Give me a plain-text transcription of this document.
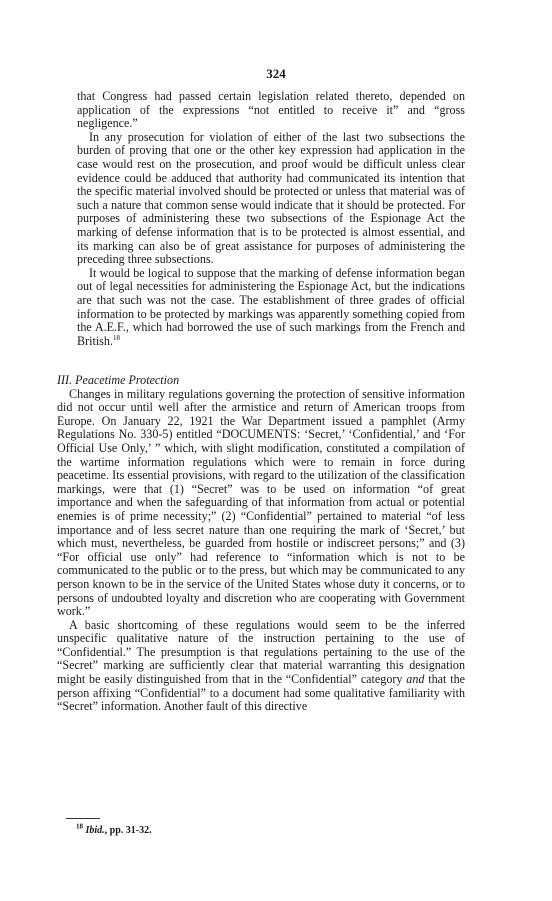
324

that Congress had passed certain legislation related thereto, depended on application of the expressions “not entitled to receive it” and “gross negligence.”

In any prosecution for violation of either of the last two subsections the burden of proving that one or the other key expression had application in the case would rest on the prosecution, and proof would be difficult unless clear evidence could be adduced that authority had communicated its intention that the specific material involved should be protected or unless that material was of such a nature that common sense would indicate that it should be protected. For purposes of administering these two subsections of the Espionage Act the marking of defense information that is to be protected is almost essential, and its marking can also be of great assistance for purposes of administering the preceding three subsections.

It would be logical to suppose that the marking of defense information began out of legal necessities for administering the Espionage Act, but the indications are that such was not the case. The establishment of three grades of official information to be protected by markings was apparently something copied from the A.E.F., which had borrowed the use of such markings from the French and British.$^{18}$

III. Peacetime Protection

Changes in military regulations governing the protection of sensitive information did not occur until well after the armistice and return of American troops from Europe. On January 22, 1921 the War Department issued a pamphlet (Army Regulations No. 330-5) entitled “DOCUMENTS: ‘Secret,’ ‘Confidential,’ and ‘For Official Use Only,’ ” which, with slight modification, constituted a compilation of the wartime information regulations which were to remain in force during peacetime. Its essential provisions, with regard to the utilization of the classification markings, were that (1) “Secret” was to be used on information “of great importance and when the safeguarding of that information from actual or potential enemies is of prime necessity;” (2) “Confidential” pertained to material “of less importance and of less secret nature than one requiring the mark of ‘Secret,’ but which must, nevertheless, be guarded from hostile or indiscreet persons;” and (3) “For official use only” had reference to “information which is not to be communicated to the public or to the press, but which may be communicated to any person known to be in the service of the United States whose duty it concerns, or to persons of undoubted loyalty and discretion who are cooperating with Government work.”

A basic shortcoming of these regulations would seem to be the inferred unspecific qualitative nature of the instruction pertaining to the use of “Confidential.” The presumption is that regulations pertaining to the use of the “Secret” marking are sufficiently clear that material warranting this designation might be easily distinguished from that in the “Confidential” category and that the person affixing “Confidential” to a document had some qualitative familiarity with “Secret” information. Another fault of this directive

$^{18}$ Ibid., pp. 31-32.
